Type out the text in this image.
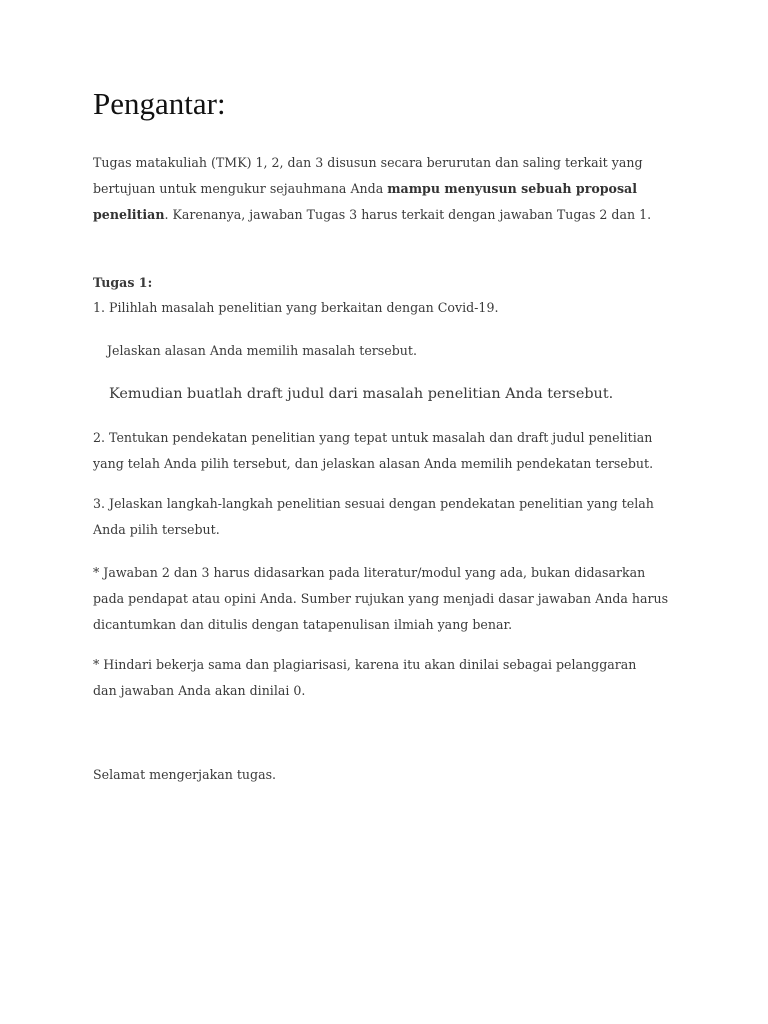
Pengantar:

Tugas matakuliah (TMK) 1, 2, dan 3 disusun secara berurutan dan saling terkait yang bertujuan untuk mengukur sejauhmana Anda mampu menyusun sebuah proposal penelitian. Karenanya, jawaban Tugas 3 harus terkait dengan jawaban Tugas 2 dan 1.

Tugas 1:

1. Pilihlah masalah penelitian yang berkaitan dengan Covid-19.

Jelaskan alasan Anda memilih masalah tersebut.

Kemudian buatlah draft judul dari masalah penelitian Anda tersebut.

2. Tentukan pendekatan penelitian yang tepat untuk masalah dan draft judul penelitian yang telah Anda pilih tersebut, dan jelaskan alasan Anda memilih pendekatan tersebut.

3. Jelaskan langkah-langkah penelitian sesuai dengan pendekatan penelitian yang telah Anda pilih tersebut.

* Jawaban 2 dan 3 harus didasarkan pada literatur/modul yang ada, bukan didasarkan pada pendapat atau opini Anda. Sumber rujukan yang menjadi dasar jawaban Anda harus dicantumkan dan ditulis dengan tatapenulisan ilmiah yang benar.

* Hindari bekerja sama dan plagiarisasi, karena itu akan dinilai sebagai pelanggaran dan jawaban Anda akan dinilai 0.

Selamat mengerjakan tugas.
